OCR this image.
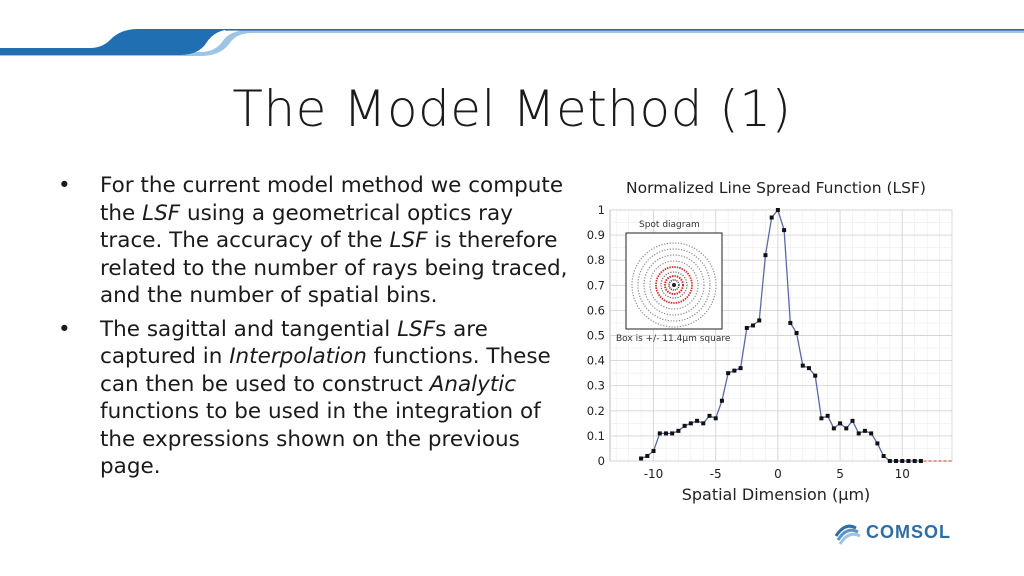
The Model Method (1)
• For the current model method we compute the LSF using a geometrical optics ray trace. The accuracy of the LSF is therefore related to the number of rays being traced, and the number of spatial bins.
• The sagittal and tangential LSFs are captured in Interpolation functions. These can then be used to construct Analytic functions to be used in the integration of the expressions shown on the previous page.	-10	-5	0	5	10
0
0.1
0.2
0.3
0.4
0.5
0.6
0.7
0.8
0.9
1
Normalized Line Spread Function (LSF)
Spatial Dimension (μm)
Spot diagram
Box is +/- 11.4μm square
COMSOL
